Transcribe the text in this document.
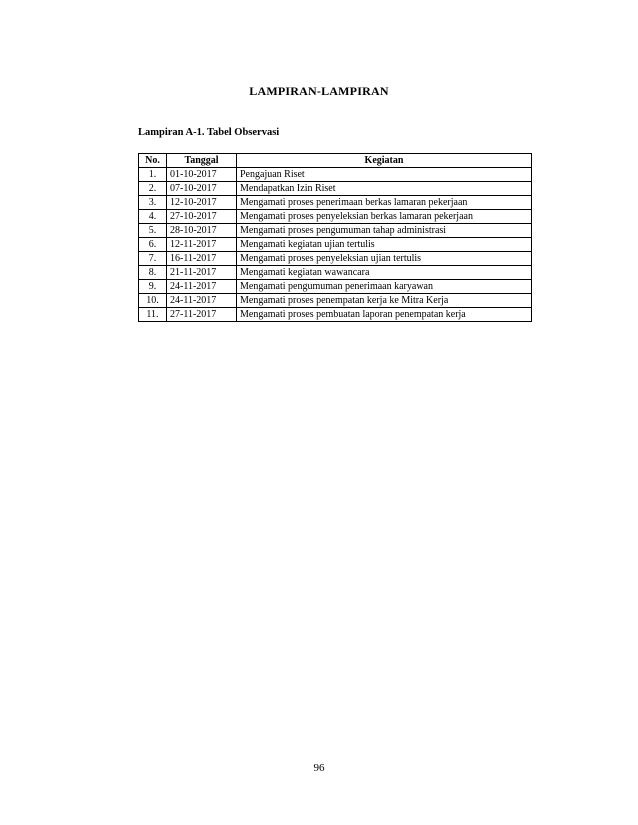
LAMPIRAN-LAMPIRAN
Lampiran A-1. Tabel Observasi
No.	Tanggal	Kegiatan
1.	01-10-2017	Pengajuan Riset
2.	07-10-2017	Mendapatkan Izin Riset
3.	12-10-2017	Mengamati proses penerimaan berkas lamaran pekerjaan
4.	27-10-2017	Mengamati proses penyeleksian berkas lamaran pekerjaan
5.	28-10-2017	Mengamati proses pengumuman tahap administrasi
6.	12-11-2017	Mengamati kegiatan ujian tertulis
7.	16-11-2017	Mengamati proses penyeleksian ujian tertulis
8.	21-11-2017	Mengamati kegiatan wawancara
9.	24-11-2017	Mengamati pengumuman penerimaan karyawan
10.	24-11-2017	Mengamati proses penempatan kerja ke Mitra Kerja
11.	27-11-2017	Mengamati proses pembuatan laporan penempatan kerja
96
